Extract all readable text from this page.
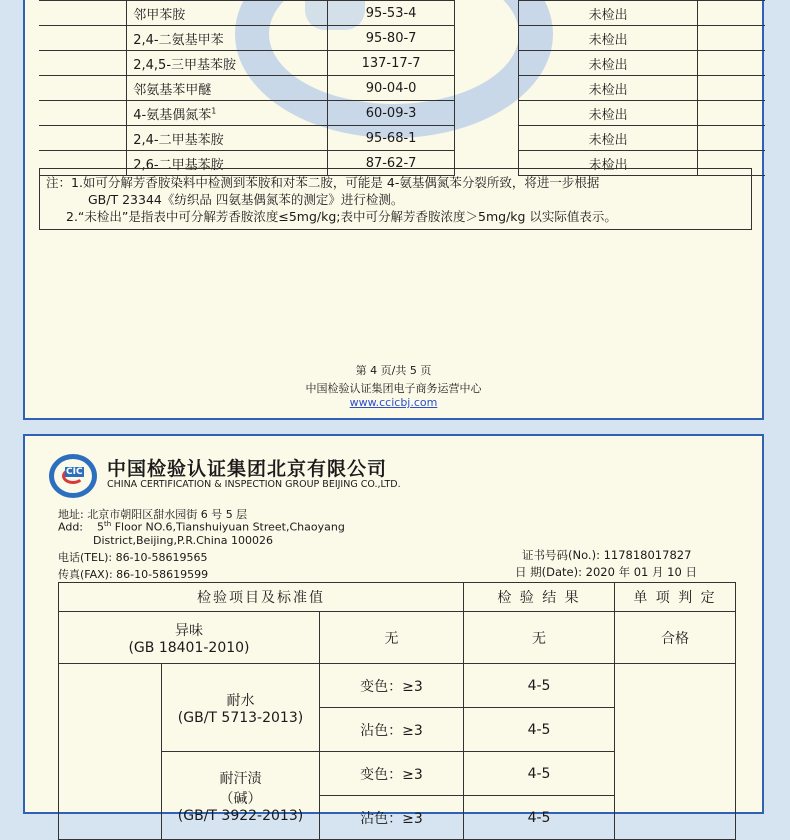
	邻甲苯胺	95-53-4		未检出	
	2,4-二氨基甲苯	95-80-7		未检出	
	2,4,5-三甲基苯胺	137-17-7		未检出	
	邻氨基苯甲醚	90-04-0		未检出	
	4-氨基偶氮苯$^1$	60-09-3		未检出	
	2,4-二甲基苯胺	95-68-1		未检出	
	2,6-二甲基苯胺	87-62-7		未检出	
注：1.如可分解芳香胺染料中检测到苯胺和对苯二胺，可能是 4-氨基偶氮苯分裂所致，将进一步根据
GB/T 23344《纺织品 四氨基偶氮苯的测定》进行检测。
2.“未检出”是指表中可分解芳香胺浓度≤5mg/kg;表中可分解芳香胺浓度＞5mg/kg 以实际值表示。
第 4 页/共 5 页
中国检验认证集团电子商务运营中心
www.ccicbj.com
CIC 中国检验认证集团北京有限公司
CHINA CERTIFICATION & INSPECTION GROUP BEIJING CO.,LTD.
地址: 北京市朝阳区甜水园街 6 号 5 层
Add: 5th Floor NO.6,Tianshuiyuan Street,Chaoyang
District,Beijing,P.R.China 100026
电话(TEL): 86-10-58619565
传真(FAX): 86-10-58619599
证书号码(No.): 117818017827
日 期(Date): 2020 年 01 月 10 日
检验项目及标准值			检 验 结 果	单 项 判 定

异味
(GB 18401-2010)		无	无	合格

	耐水
(GB/T 5713-2013)	变色：≥3	4-5	
		沾色：≥3	4-5	

	耐汗渍
（碱）
(GB/T 3922-2013)	变色：≥3	4-5	
		沾色：≥3	4-5	
